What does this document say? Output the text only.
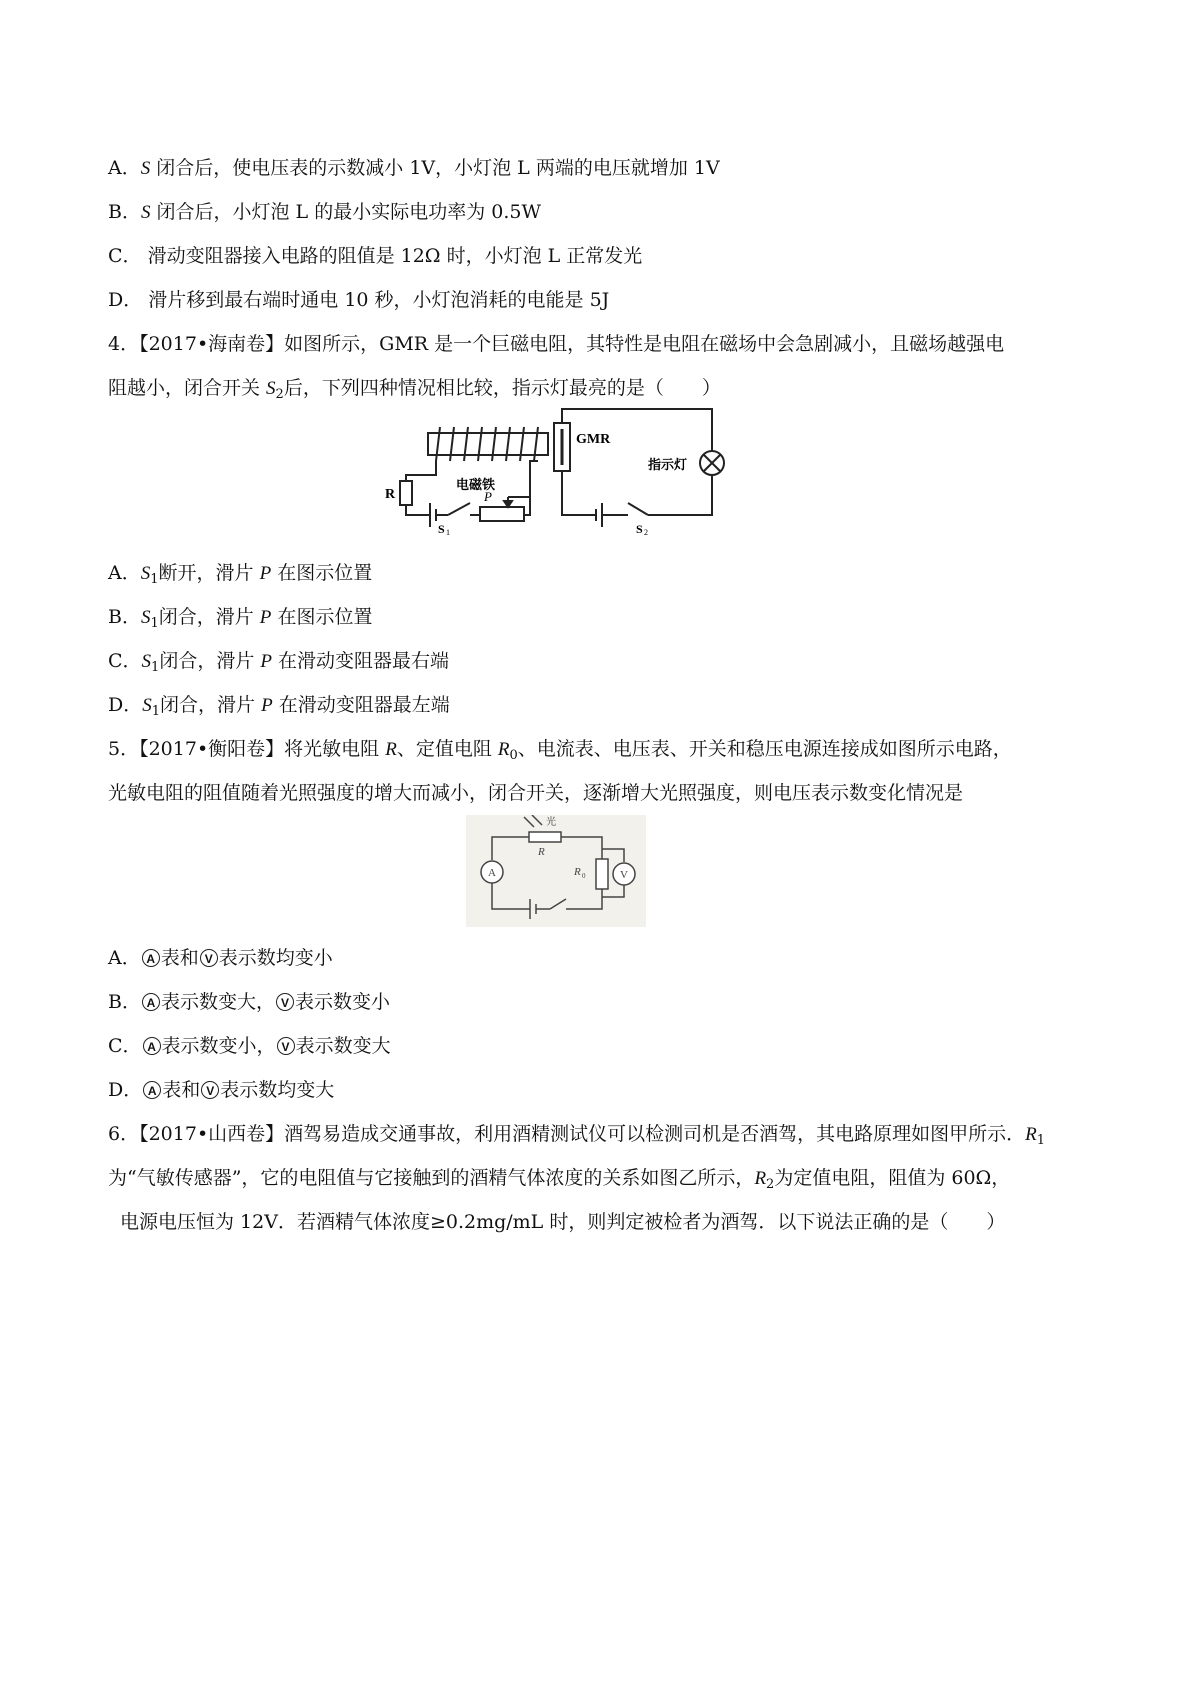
A．S 闭合后，使电压表的示数减小 1V，小灯泡 L 两端的电压就增加 1V
B．S 闭合后，小灯泡 L 的最小实际电功率为 0.5W
C． 滑动变阻器接入电路的阻值是 12Ω 时，小灯泡 L 正常发光
D． 滑片移到最右端时通电 10 秒，小灯泡消耗的电能是 5J
4．【2017•海南卷】如图所示，GMR 是一个巨磁电阻，其特性是电阻在磁场中会急剧减小，且磁场越强电
阻越小，闭合开关 $S_2$后，下列四种情况相比较，指示灯最亮的是（　　）
GMR
电磁铁
指示灯
R	P
S 1	S 2
A．$S_1$断开，滑片 P 在图示位置
B．$S_1$闭合，滑片 P 在图示位置
C．$S_1$闭合，滑片 P 在滑动变阻器最右端
D．$S_1$闭合，滑片 P 在滑动变阻器最左端
5．【2017•衡阳卷】将光敏电阻 R、定值电阻 $R_0$、电流表、电压表、开关和稳压电源连接成如图所示电路，
光敏电阻的阻值随着光照强度的增大而减小，闭合开关，逐渐增大光照强度，则电压表示数变化情况是
光
R
R 0
A	V
A． A 表和 V 表示数均变小
B． A 表示数变大， V 表示数变小
C． A 表示数变小， V 表示数变大
D． A 表和 V 表示数均变大
6．【2017•山西卷】酒驾易造成交通事故，利用酒精测试仪可以检测司机是否酒驾，其电路原理如图甲所示．$R_1$
为“气敏传感器”，它的电阻值与它接触到的酒精气体浓度的关系如图乙所示，$R_2$为定值电阻，阻值为 60Ω，
电源电压恒为 12V．若酒精气体浓度≥0.2mg/mL 时，则判定被检者为酒驾．以下说法正确的是（　　）
